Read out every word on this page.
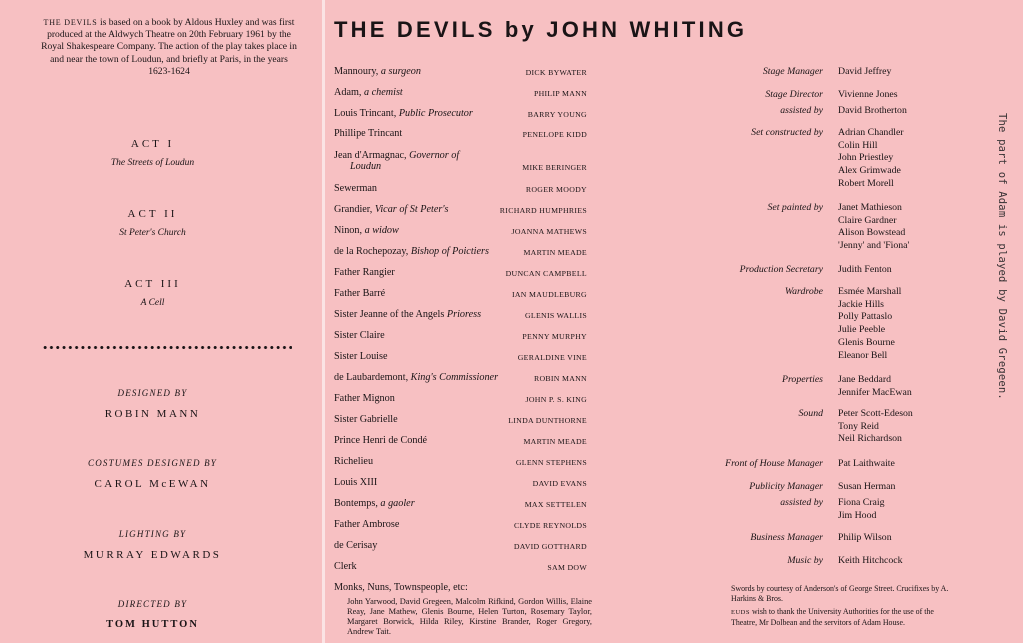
THE DEVILS is based on a book by Aldous Huxley and was first produced at the Aldwych Theatre on 20th February 1961 by the Royal Shakespeare Company. The action of the play takes place in and near the town of Loudun, and briefly at Paris, in the years 1623-1624
ACT I
The Streets of Loudun
ACT II
St Peter's Church
ACT III
A Cell
DESIGNED BY
ROBIN MANN
COSTUMES DESIGNED BY
CAROL McEWAN
LIGHTING BY
MURRAY EDWARDS
DIRECTED BY
TOM HUTTON
THE DEVILS by JOHN WHITING
Mannoury, a surgeon	DICK BYWATER
Adam, a chemist	PHILIP MANN
Louis Trincant, Public Prosecutor	BARRY YOUNG
Phillipe Trincant	PENELOPE KIDD
Jean d'Armagnac, Governor of
Loudun	MIKE BERINGER
Sewerman	ROGER MOODY
Grandier, Vicar of St Peter's	RICHARD HUMPHRIES
Ninon, a widow	JOANNA MATHEWS
de la Rochepozay, Bishop of Poictiers	MARTIN MEADE
Father Rangier	DUNCAN CAMPBELL
Father Barré	IAN MAUDLEBURG
Sister Jeanne of the Angels Prioress	GLENIS WALLIS
Sister Claire	PENNY MURPHY
Sister Louise	GERALDINE VINE
de Laubardemont, King's Commissioner	ROBIN MANN
Father Mignon	JOHN P. S. KING
Sister Gabrielle	LINDA DUNTHORNE
Prince Henri de Condé	MARTIN MEADE
Richelieu	GLENN STEPHENS
Louis XIII	DAVID EVANS
Bontemps, a gaoler	MAX SETTELEN
Father Ambrose	CLYDE REYNOLDS
de Cerisay	DAVID GOTTHARD
Clerk	SAM DOW
Monks, Nuns, Townspeople, etc:
John Yarwood, David Gregeen, Malcolm Rifkind, Gordon Willis, Elaine Reay, Jane Mathew, Glenis Bourne, Helen Turton, Rosemary Taylor, Margaret Borwick, Hilda Riley, Kirstine Brander, Roger Gregory, Andrew Tait.
Stage Manager David Jeffrey
Stage Director Vivienne Jones
assisted by David Brotherton
Set constructed by Adrian Chandler
Colin Hill
John Priestley
Alex Grimwade
Robert Morell
Set painted by Janet Mathieson
Claire Gardner
Alison Bowstead
'Jenny' and 'Fiona'
Production Secretary Judith Fenton
Wardrobe Esmée Marshall
Jackie Hills
Polly Pattaslo
Julie Peeble
Glenis Bourne
Eleanor Bell
Properties Jane Beddard
Jennifer MacEwan
Sound Peter Scott-Edeson
Tony Reid
Neil Richardson
Front of House Manager Pat Laithwaite
Publicity Manager Susan Herman
assisted by Fiona Craig
Jim Hood
Business Manager Philip Wilson
Music by Keith Hitchcock
Swords by courtesy of Anderson's of George Street. Crucifixes by A. Harkins & Bros.
EUDS wish to thank the University Authorities for the use of the Theatre, Mr Dolbean and the servitors of Adam House.
The part of Adam is played by David Gregeen.
